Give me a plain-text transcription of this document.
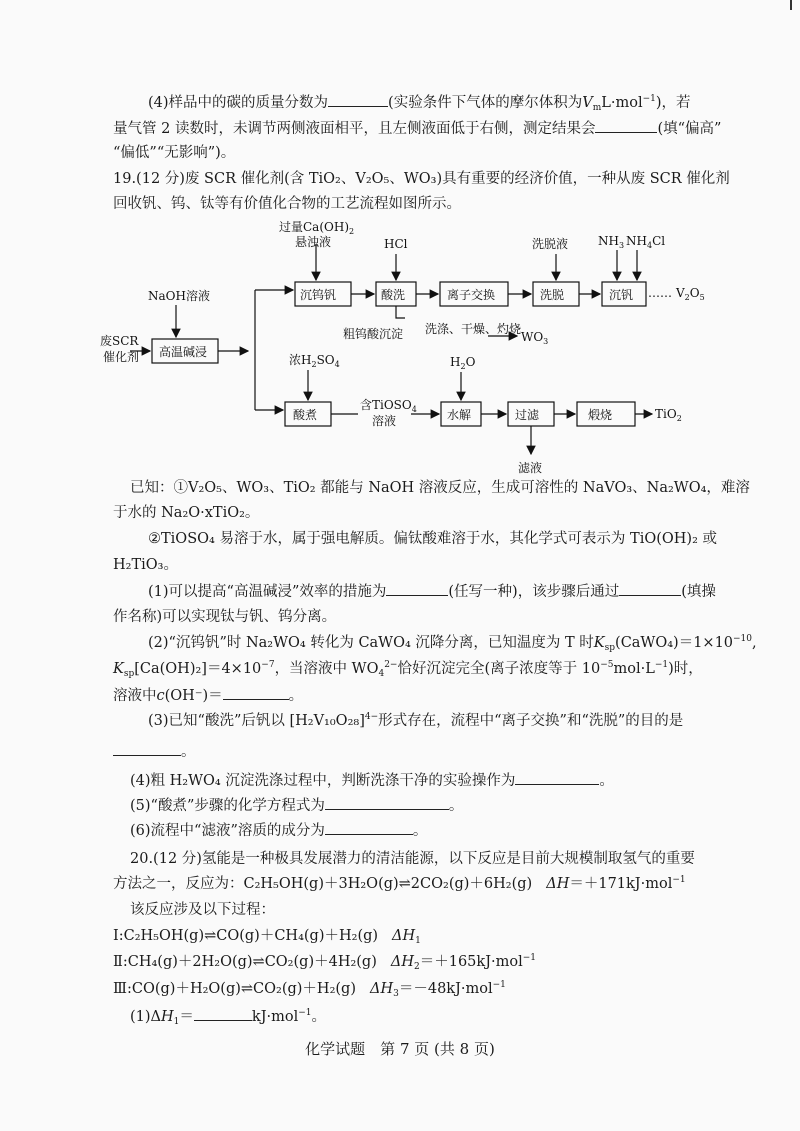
(4)样品中的碳的质量分数为	(实验条件下气体的摩尔体积为$V_mL\cdot mol^{-1}$)，若
量气管 2 读数时，未调节两侧液面相平，且左侧液面低于右侧，测定结果会	(填“偏高”
“偏低”“无影响”)。
19.(12 分)废 SCR 催化剂(含 TiO₂、V₂O₅、WO₃)具有重要的经济价值，一种从废 SCR 催化剂
回收钒、钨、钛等有价值化合物的工艺流程如图所示。
废SCR
催化剂
NaOH溶液
高温碱浸
过量$Ca(OH)_2$
悬浊液
沉钨钒
HCl
酸洗	离子交换
洗脱液
洗脱
$NH_3$ $NH_4Cl$
沉钒 …… $V_2O_5$
粗钨酸沉淀 洗涤、干燥、灼烧
$WO_3$
浓$H_2SO_4$
酸煮
含TiOSO$_4$
溶液
$H_2O$
水解	过滤	煅烧	TiO$_2$
滤液
已知：①V₂O₅、WO₃、TiO₂ 都能与 NaOH 溶液反应，生成可溶性的 NaVO₃、Na₂WO₄，难溶
于水的 Na₂O·xTiO₂。
②TiOSO₄ 易溶于水，属于强电解质。偏钛酸难溶于水，其化学式可表示为 TiO(OH)₂ 或
H₂TiO₃。
(1)可以提高“高温碱浸”效率的措施为	(任写一种)，该步骤后通过	(填操
作名称)可以实现钛与钒、钨分离。
(2)“沉钨钒”时 Na₂WO₄ 转化为 CaWO₄ 沉降分离，已知温度为 T 时$K_{sp}(CaWO_4)=1\times 10^{-10}$,
$K_{sp}[Ca(OH)_2]=4\times 10^{-7}$，当溶液中 $WO_4^{2-}$恰好沉淀完全(离子浓度等于 $10^{-5}mol\cdot L^{-1}$)时，
溶液中c(OH⁻)＝	。
(3)已知“酸洗”后钒以 $[H_2V_{10}O_{28}]^{4-}$形式存在，流程中“离子交换”和“洗脱”的目的是
。
(4)粗 H₂WO₄ 沉淀洗涤过程中，判断洗涤干净的实验操作为	。
(5)“酸煮”步骤的化学方程式为	。
(6)流程中“滤液”溶质的成分为	。
20.(12 分)氢能是一种极具发展潜力的清洁能源，以下反应是目前大规模制取氢气的重要
方法之一，反应为：C₂H₅OH(g)＋3H₂O(g)⇌2CO₂(g)＋6H₂(g) ΔH＝＋171kJ·mol$^{-1}$
该反应涉及以下过程：
Ⅰ:C₂H₅OH(g)⇌CO(g)＋CH₄(g)＋H₂(g) $\Delta H_1$
Ⅱ:CH₄(g)＋2H₂O(g)⇌CO₂(g)＋4H₂(g) $\Delta H_2=+165kJ\cdot mol^{-1}$
Ⅲ:CO(g)＋H₂O(g)⇌CO₂(g)＋H₂(g) $\Delta H_3=-48kJ\cdot mol^{-1}$
$(1)\Delta H_1=$	kJ·mol$^{-1}$。
化学试题　第 7 页 (共 8 页)
